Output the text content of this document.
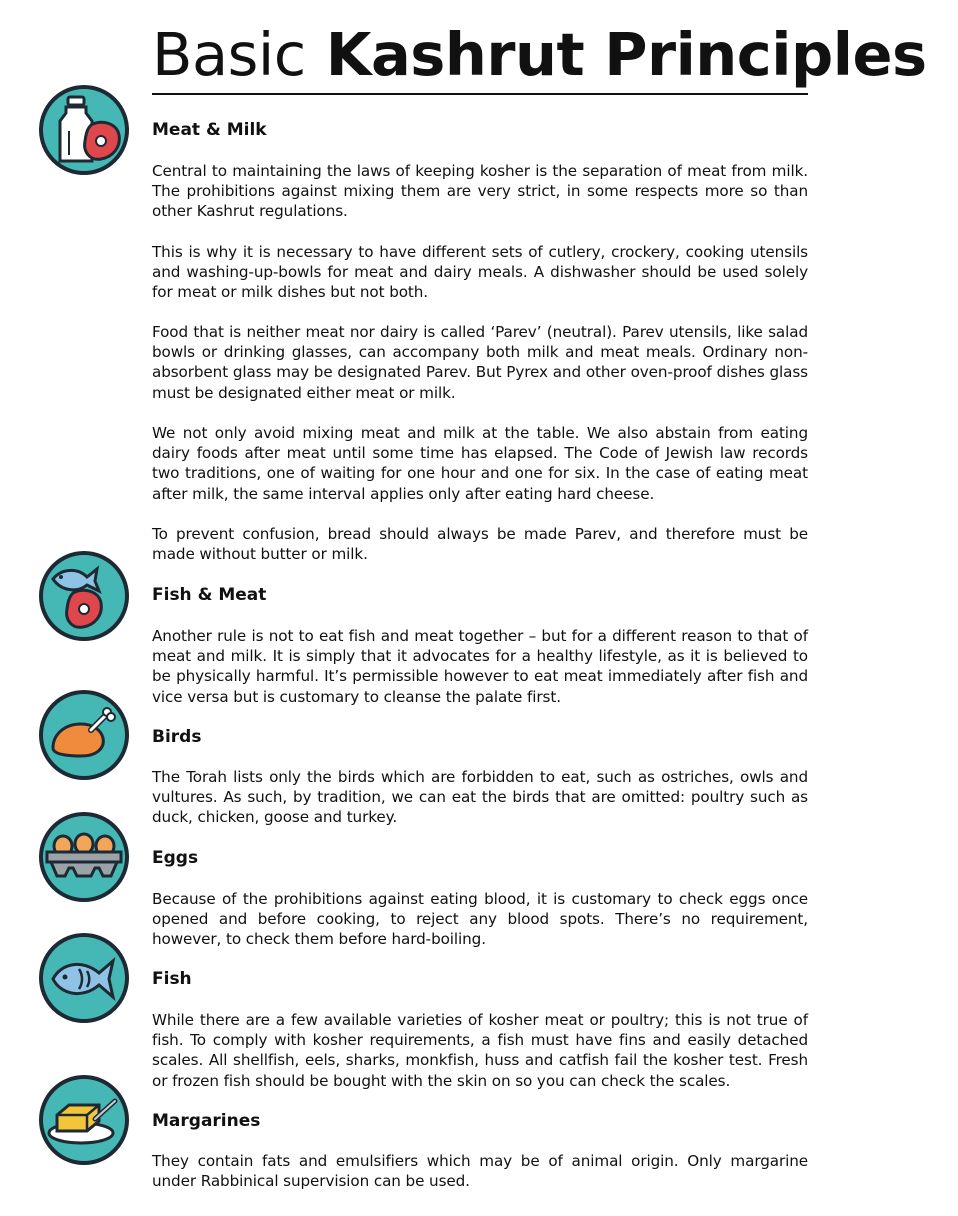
Basic Kashrut Principles
Meat & Milk
Central to maintaining the laws of keeping kosher is the separation of meat from milk. The prohibitions against mixing them are very strict, in some respects more so than other Kashrut regulations.
This is why it is necessary to have different sets of cutlery, crockery, cooking utensils and washing-up-bowls for meat and dairy meals. A dishwasher should be used solely for meat or milk dishes but not both.
Food that is neither meat nor dairy is called ‘Parev’ (neutral). Parev utensils, like salad bowls or drinking glasses, can accompany both milk and meat meals. Ordinary non-absorbent glass may be designated Parev. But Pyrex and other oven-proof dishes glass must be designated either meat or milk.
We not only avoid mixing meat and milk at the table. We also abstain from eating dairy foods after meat until some time has elapsed. The Code of Jewish law records two traditions, one of waiting for one hour and one for six. In the case of eating meat after milk, the same interval applies only after eating hard cheese.
To prevent confusion, bread should always be made Parev, and therefore must be made without butter or milk.
Fish & Meat
Another rule is not to eat fish and meat together – but for a different reason to that of meat and milk. It is simply that it advocates for a healthy lifestyle, as it is believed to be physically harmful. It’s permissible however to eat meat immediately after fish and vice versa but is customary to cleanse the palate first.
Birds
The Torah lists only the birds which are forbidden to eat, such as ostriches, owls and vultures. As such, by tradition, we can eat the birds that are omitted: poultry such as duck, chicken, goose and turkey.
Eggs
Because of the prohibitions against eating blood, it is customary to check eggs once opened and before cooking, to reject any blood spots. There’s no requirement, however, to check them before hard-boiling.
Fish
While there are a few available varieties of kosher meat or poultry; this is not true of fish. To comply with kosher requirements, a fish must have fins and easily detached scales. All shellfish, eels, sharks, monkfish, huss and catfish fail the kosher test. Fresh or frozen fish should be bought with the skin on so you can check the scales.
Margarines
They contain fats and emulsifiers which may be of animal origin. Only margarine under Rabbinical supervision can be used.
